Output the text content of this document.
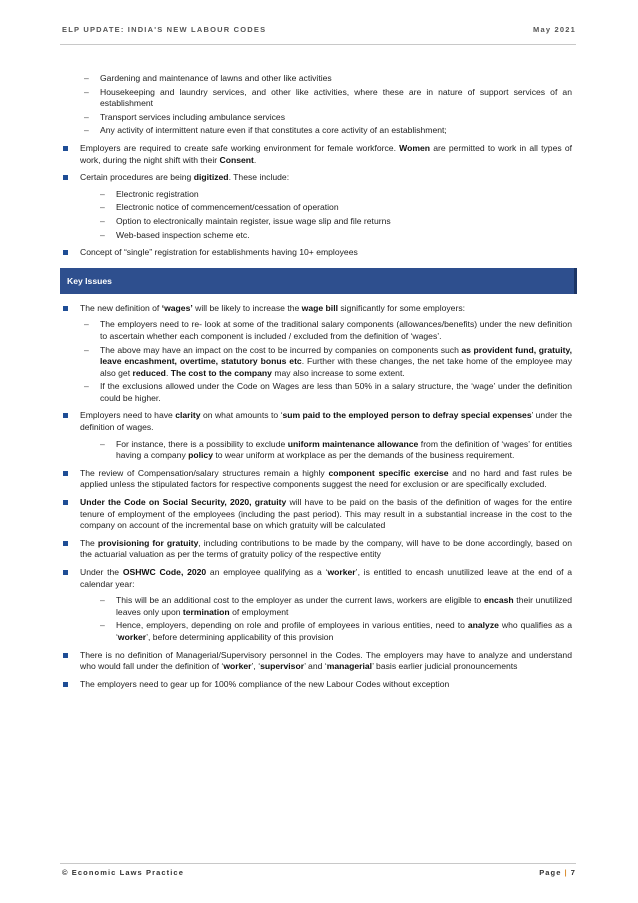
ELP UPDATE: INDIA'S NEW LABOUR CODES	May 2021
– Gardening and maintenance of lawns and other like activities
– Housekeeping and laundry services, and other like activities, where these are in nature of support services of an establishment
– Transport services including ambulance services
– Any activity of intermittent nature even if that constitutes a core activity of an establishment;
Employers are required to create safe working environment for female workforce. Women are permitted to work in all types of work, during the night shift with their Consent.
Certain procedures are being digitized. These include:
– Electronic registration
– Electronic notice of commencement/cessation of operation
– Option to electronically maintain register, issue wage slip and file returns
– Web-based inspection scheme etc.
Concept of “single” registration for establishments having 10+ employees
Key Issues
The new definition of ‘wages’ will be likely to increase the wage bill significantly for some employers:
– The employers need to re- look at some of the traditional salary components (allowances/benefits) under the new definition to ascertain whether each component is included / excluded from the definition of ‘wages’.
– The above may have an impact on the cost to be incurred by companies on components such as provident fund, gratuity, leave encashment, overtime, statutory bonus etc. Further with these changes, the net take home of the employee may also get reduced. The cost to the company may also increase to some extent.
– If the exclusions allowed under the Code on Wages are less than 50% in a salary structure, the ‘wage’ under the definition could be higher.
Employers need to have clarity on what amounts to ‘sum paid to the employed person to defray special expenses’ under the definition of wages.
– For instance, there is a possibility to exclude uniform maintenance allowance from the definition of ‘wages’ for entities having a company policy to wear uniform at workplace as per the demands of the business requirement.
The review of Compensation/salary structures remain a highly component specific exercise and no hard and fast rules be applied unless the stipulated factors for respective components suggest the need for exclusion or are specifically excluded.
Under the Code on Social Security, 2020, gratuity will have to be paid on the basis of the definition of wages for the entire tenure of employment of the employees (including the past period). This may result in a substantial increase in the cost to the company on account of the incremental base on which gratuity will be calculated
The provisioning for gratuity, including contributions to be made by the company, will have to be done accordingly, based on the actuarial valuation as per the terms of gratuity policy of the respective entity
Under the OSHWC Code, 2020 an employee qualifying as a ‘worker’, is entitled to encash unutilized leave at the end of a calendar year:
– This will be an additional cost to the employer as under the current laws, workers are eligible to encash their unutilized leaves only upon termination of employment
– Hence, employers, depending on role and profile of employees in various entities, need to analyze who qualifies as a ‘worker’, before determining applicability of this provision
There is no definition of Managerial/Supervisory personnel in the Codes. The employers may have to analyze and understand who would fall under the definition of ‘worker’, ‘supervisor’ and ‘managerial’ basis earlier judicial pronouncements
The employers need to gear up for 100% compliance of the new Labour Codes without exception
© Economic Laws Practice	Page | 7
